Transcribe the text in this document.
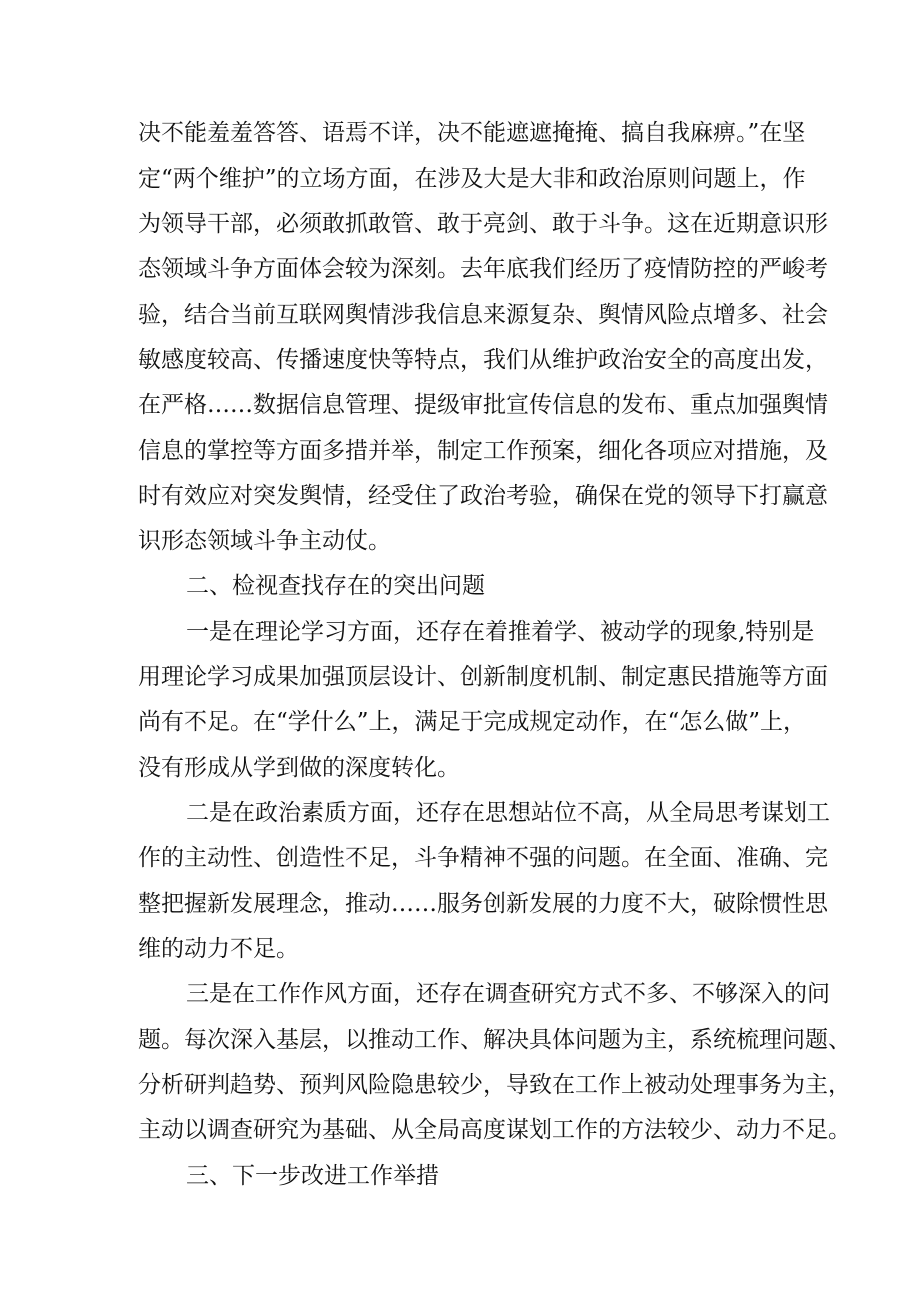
决不能羞羞答答、语焉不详，决不能遮遮掩掩、搞自我麻痹。”在坚
定“两个维护”的立场方面，在涉及大是大非和政治原则问题上，作
为领导干部，必须敢抓敢管、敢于亮剑、敢于斗争。这在近期意识形
态领域斗争方面体会较为深刻。去年底我们经历了疫情防控的严峻考
验，结合当前互联网舆情涉我信息来源复杂、舆情风险点增多、社会
敏感度较高、传播速度快等特点，我们从维护政治安全的高度出发，
在严格……数据信息管理、提级审批宣传信息的发布、重点加强舆情
信息的掌控等方面多措并举，制定工作预案，细化各项应对措施，及
时有效应对突发舆情，经受住了政治考验，确保在党的领导下打赢意
识形态领域斗争主动仗。
二、检视查找存在的突出问题
一是在理论学习方面，还存在着推着学、被动学的现象,特别是
用理论学习成果加强顶层设计、创新制度机制、制定惠民措施等方面
尚有不足。在“学什么”上，满足于完成规定动作，在“怎么做”上，
没有形成从学到做的深度转化。
二是在政治素质方面，还存在思想站位不高，从全局思考谋划工
作的主动性、创造性不足，斗争精神不强的问题。在全面、准确、完
整把握新发展理念，推动……服务创新发展的力度不大，破除惯性思
维的动力不足。
三是在工作作风方面，还存在调查研究方式不多、不够深入的问
题。每次深入基层，以推动工作、解决具体问题为主，系统梳理问题、
分析研判趋势、预判风险隐患较少，导致在工作上被动处理事务为主，
主动以调查研究为基础、从全局高度谋划工作的方法较少、动力不足。
三、下一步改进工作举措
